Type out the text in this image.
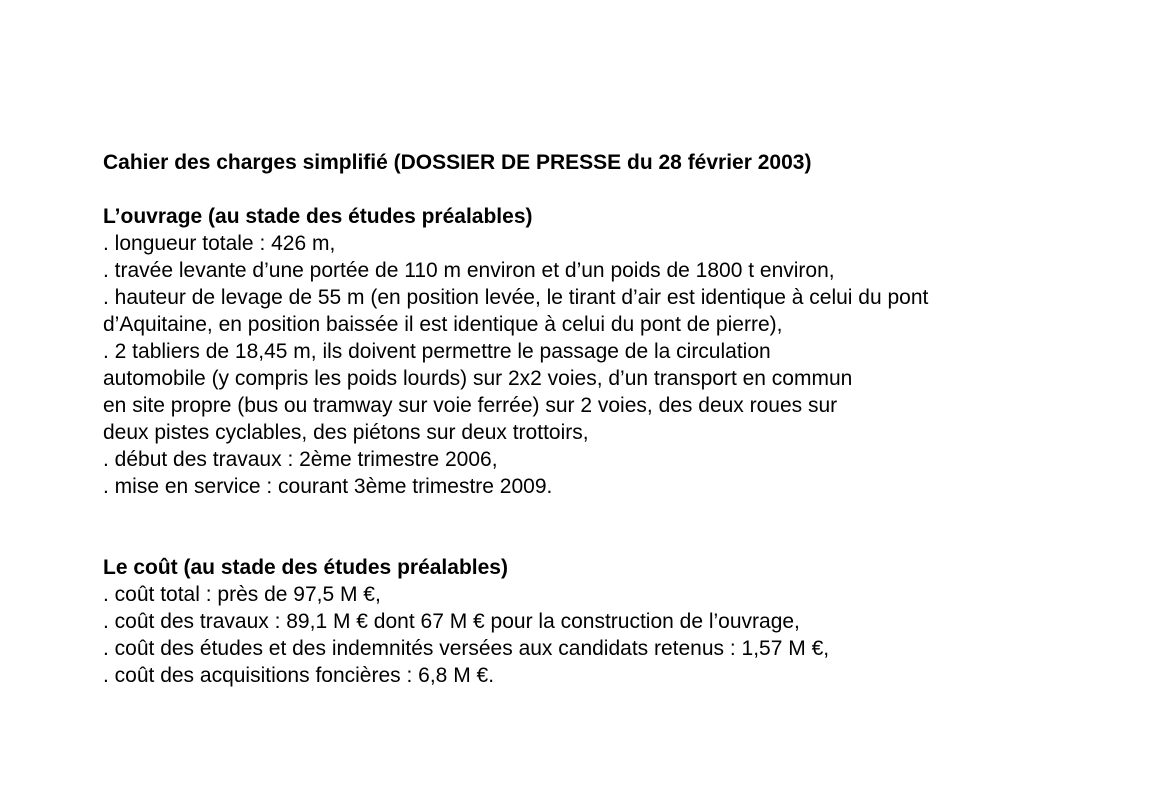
Cahier des charges simplifié (DOSSIER DE PRESSE du 28 février 2003)

L’ouvrage (au stade des études préalables)

. longueur totale : 426 m,

. travée levante d’une portée de 110 m environ et d’un poids de 1800 t environ,

. hauteur de levage de 55 m (en position levée, le tirant d’air est identique à celui du pont

d’Aquitaine, en position baissée il est identique à celui du pont de pierre),

. 2 tabliers de 18,45 m, ils doivent permettre le passage de la circulation

automobile (y compris les poids lourds) sur 2x2 voies, d’un transport en commun

en site propre (bus ou tramway sur voie ferrée) sur 2 voies, des deux roues sur

deux pistes cyclables, des piétons sur deux trottoirs,

. début des travaux : 2ème trimestre 2006,

. mise en service : courant 3ème trimestre 2009.

Le coût (au stade des études préalables)

. coût total : près de 97,5 M €,

. coût des travaux : 89,1 M € dont 67 M € pour la construction de l’ouvrage,

. coût des études et des indemnités versées aux candidats retenus : 1,57 M €,

. coût des acquisitions foncières : 6,8 M €.
